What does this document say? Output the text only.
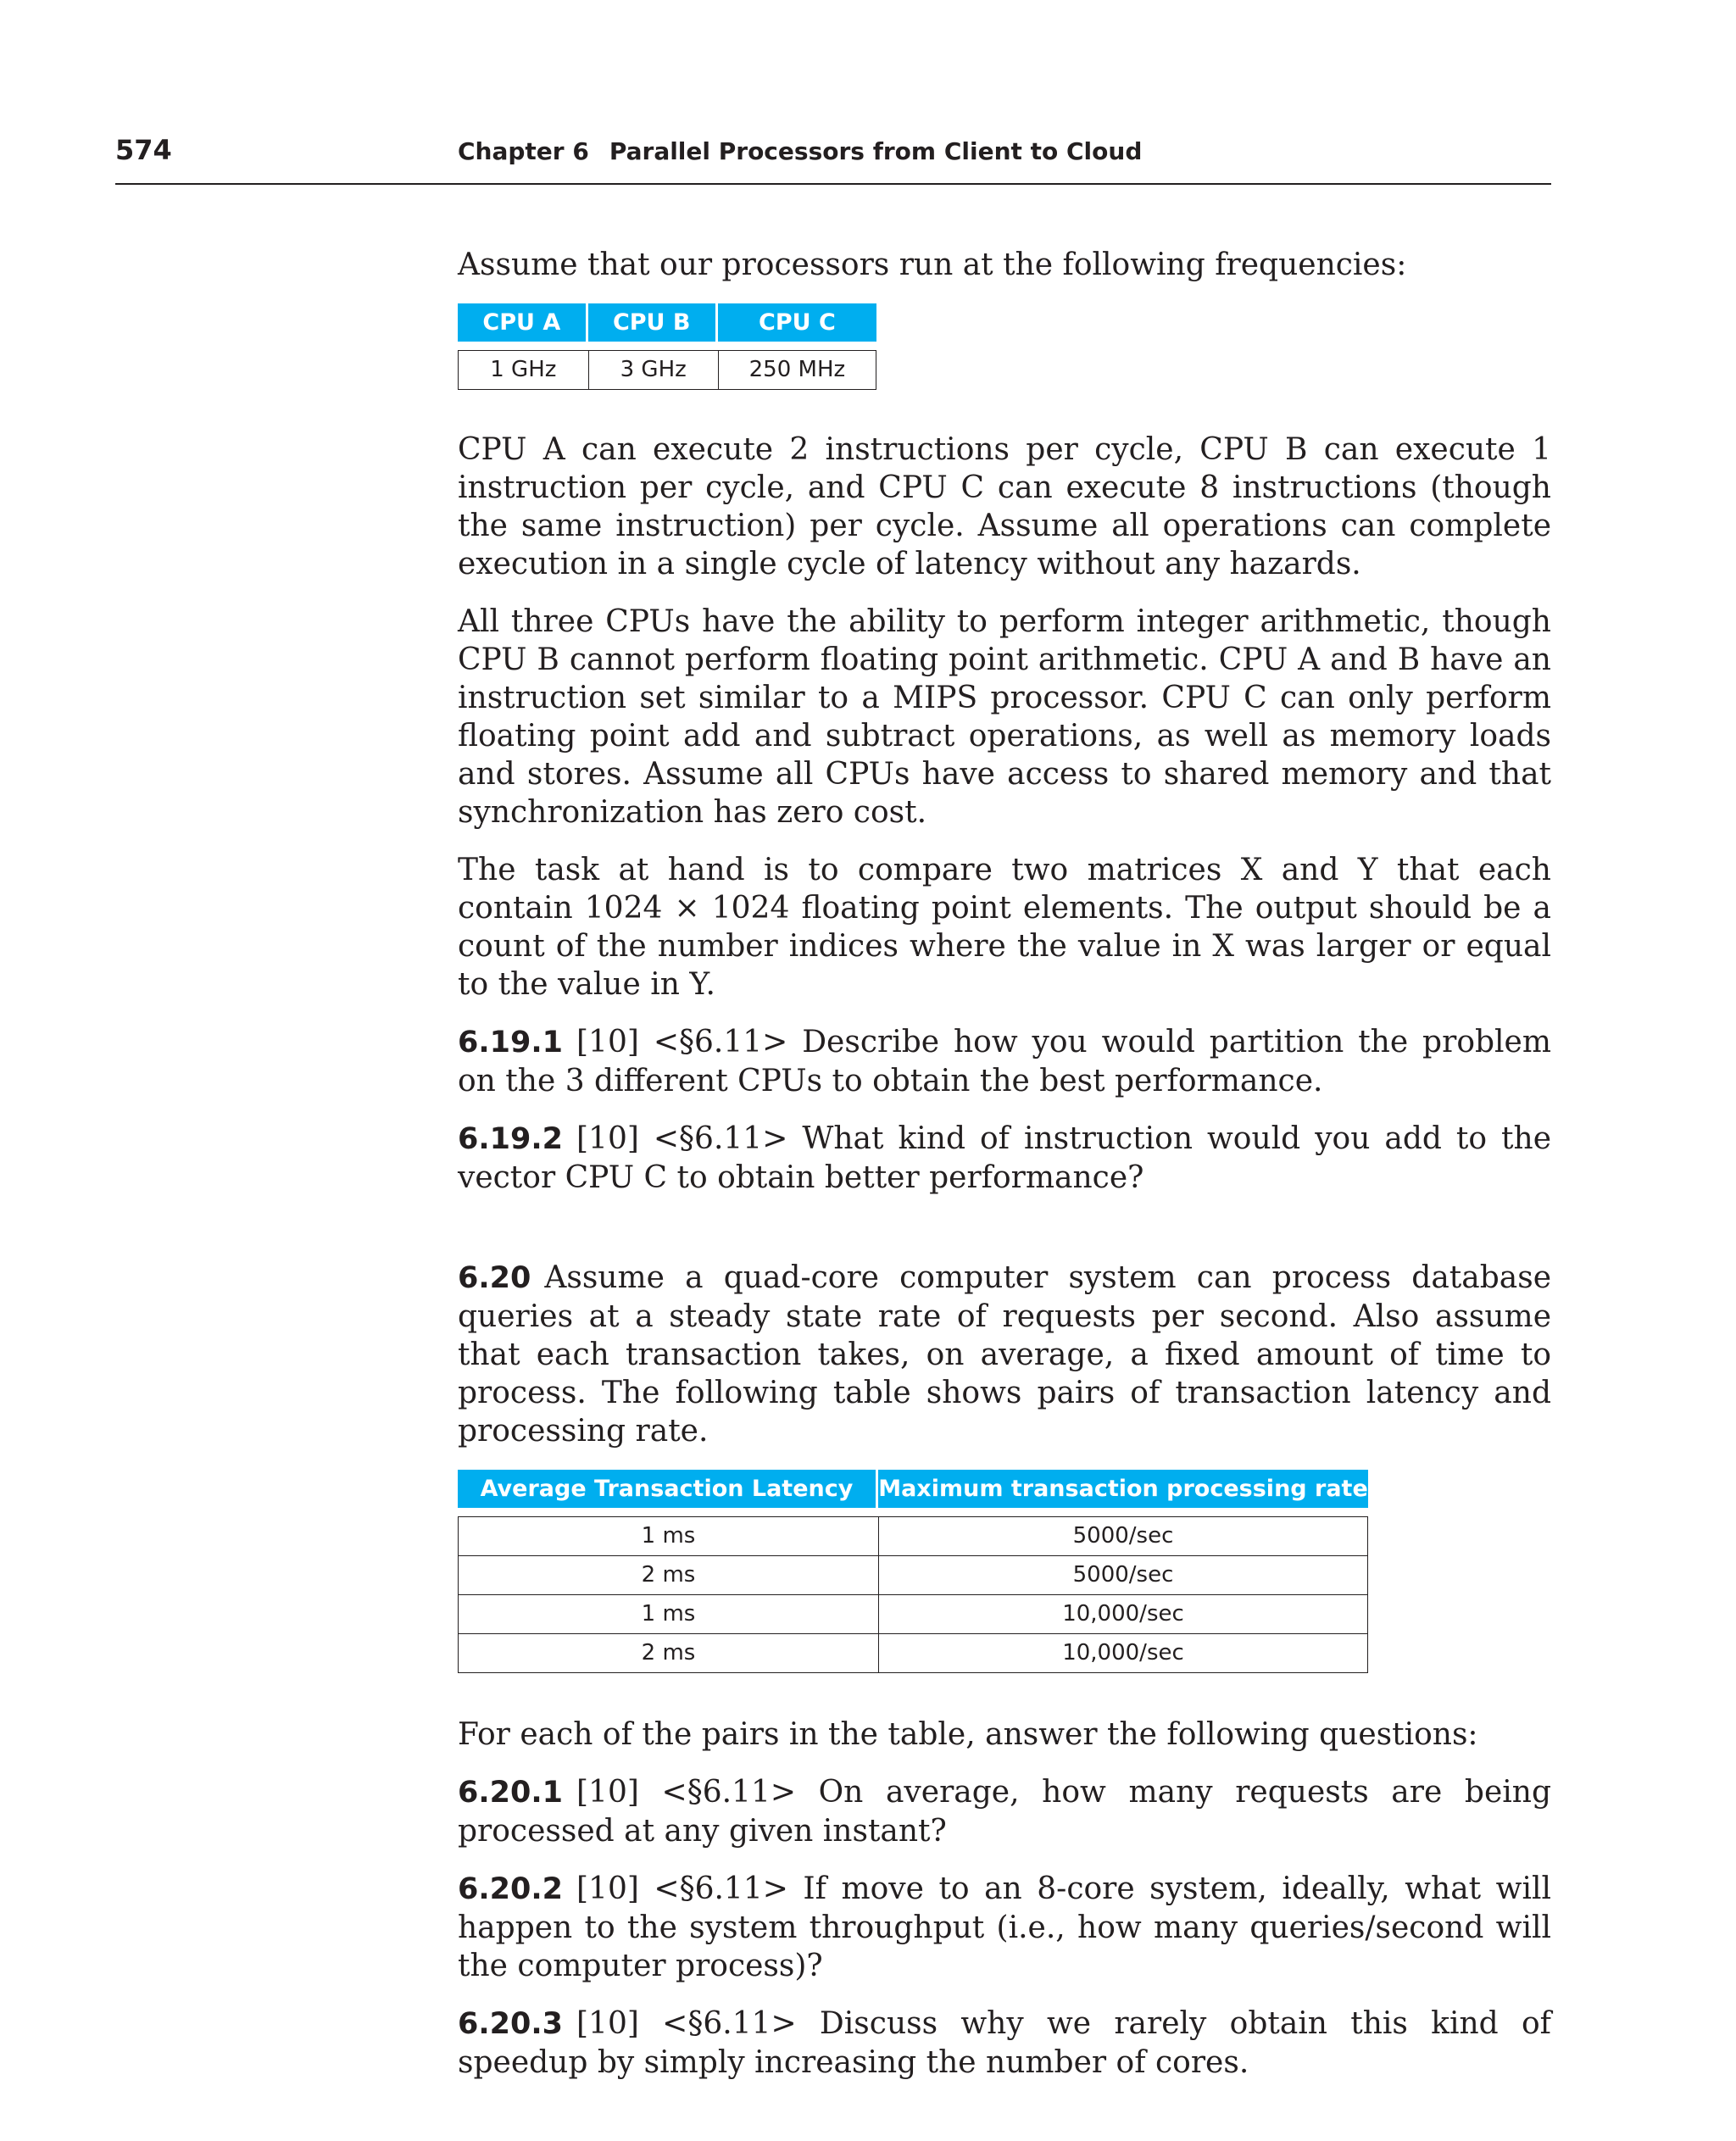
574	Chapter 6 Parallel Processors from Client to Cloud

Assume that our processors run at the following frequencies:

CPU A	CPU B	CPU C

1 GHz	3 GHz	250 MHz

CPU A can execute 2 instructions per cycle, CPU B can execute 1 instruction per cycle, and CPU C can execute 8 instructions (though the same instruction) per cycle. Assume all operations can complete execution in a single cycle of latency without any hazards.

All three CPUs have the ability to perform integer arithmetic, though CPU B cannot perform floating point arithmetic. CPU A and B have an instruction set similar to a MIPS processor. CPU C can only perform floating point add and subtract operations, as well as memory loads and stores. Assume all CPUs have access to shared memory and that synchronization has zero cost.

The task at hand is to compare two matrices X and Y that each contain 1024 × 1024 floating point elements. The output should be a count of the number indices where the value in X was larger or equal to the value in Y.

6.19.1 [10] <§6.11> Describe how you would partition the problem on the 3 different CPUs to obtain the best performance.

6.19.2 [10] <§6.11> What kind of instruction would you add to the vector CPU C to obtain better performance?

6.20 Assume a quad-core computer system can process database queries at a steady state rate of requests per second. Also assume that each transaction takes, on average, a fixed amount of time to process. The following table shows pairs of transaction latency and processing rate.

Average Transaction Latency	Maximum transaction processing rate

1 ms	5000/sec
2 ms	5000/sec
1 ms	10,000/sec
2 ms	10,000/sec

For each of the pairs in the table, answer the following questions:

6.20.1 [10] <§6.11> On average, how many requests are being processed at any given instant?

6.20.2 [10] <§6.11> If move to an 8-core system, ideally, what will happen to the system throughput (i.e., how many queries/second will the computer process)?

6.20.3 [10] <§6.11> Discuss why we rarely obtain this kind of speedup by simply increasing the number of cores.
